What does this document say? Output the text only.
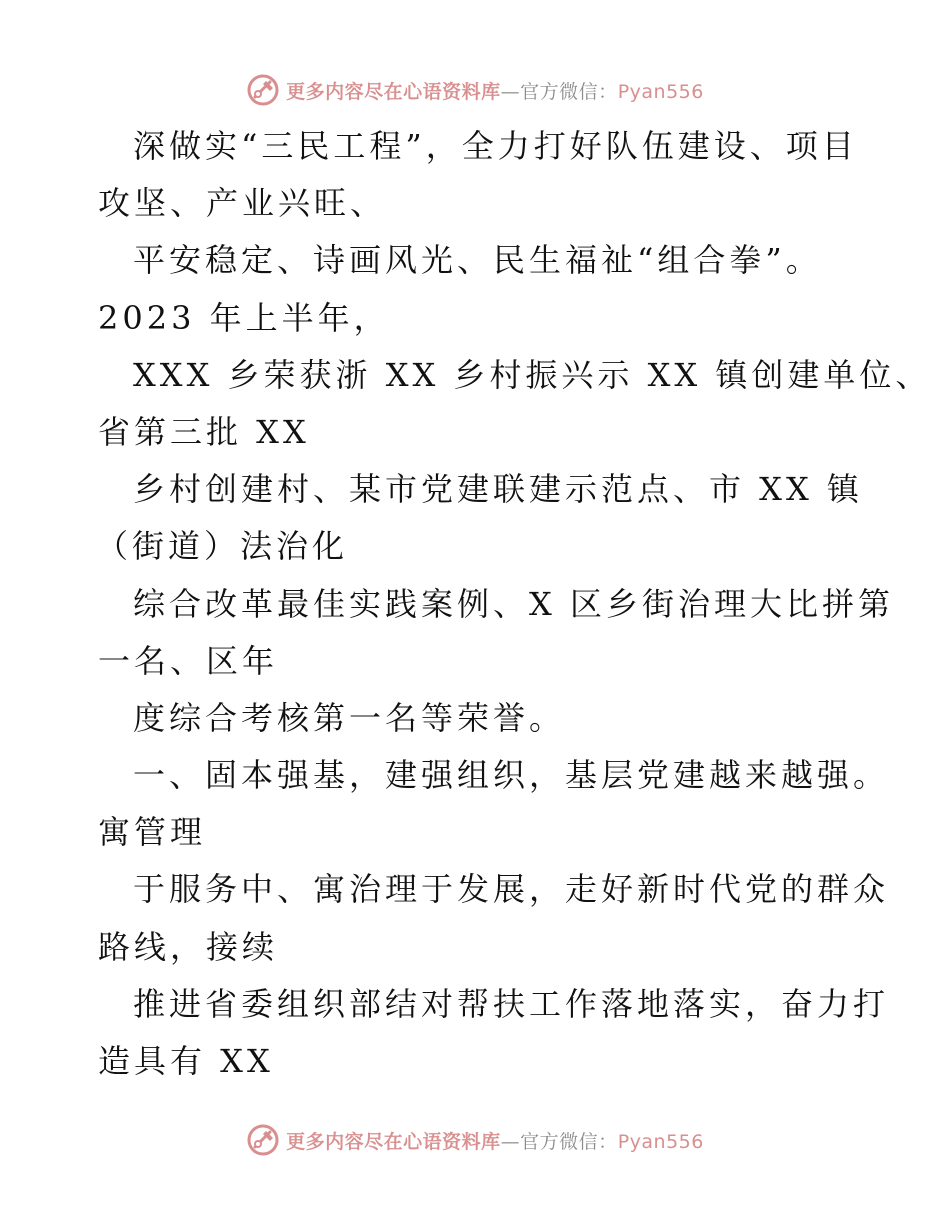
更多内容尽在心语资料库—官方微信：Pyan556
深做实“三民工程”，全力打好队伍建设、项目
攻坚、产业兴旺、
平安稳定、诗画风光、民生福祉“组合拳”。
2023 年上半年，
XXX 乡荣获浙 XX 乡村振兴示 XX 镇创建单位、
省第三批 XX
乡村创建村、某市党建联建示范点、市 XX 镇
（街道）法治化
综合改革最佳实践案例、X 区乡街治理大比拼第
一名、区年
度综合考核第一名等荣誉。
一、固本强基，建强组织，基层党建越来越强。
寓管理
于服务中、寓治理于发展，走好新时代党的群众
路线，接续
推进省委组织部结对帮扶工作落地落实，奋力打
造具有 XX
更多内容尽在心语资料库—官方微信：Pyan556
